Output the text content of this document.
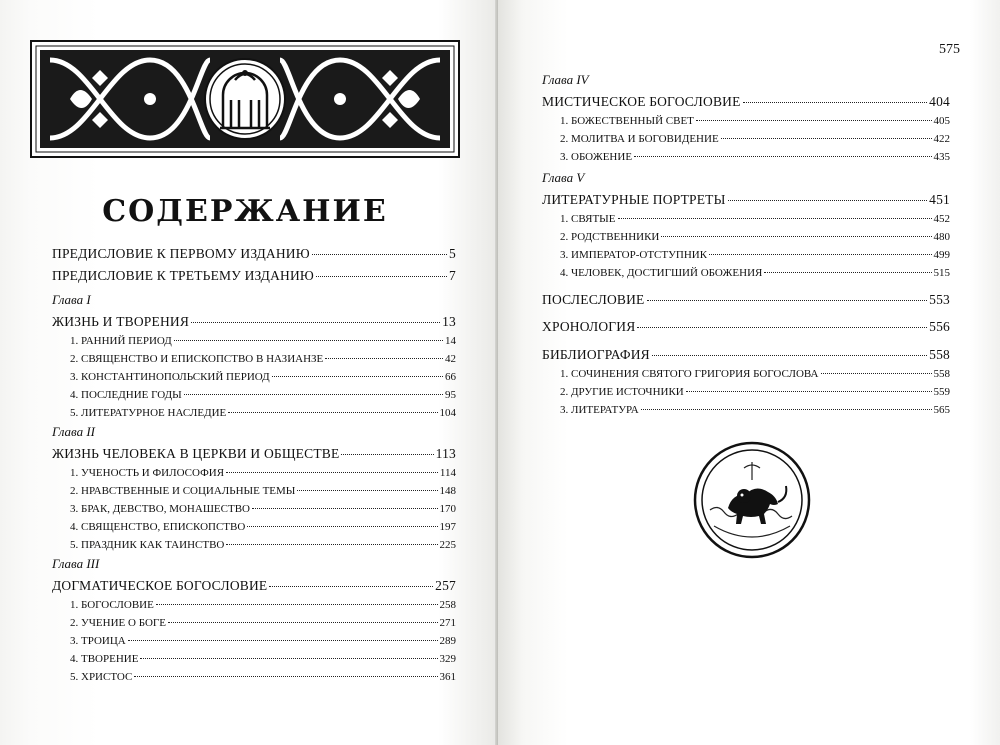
СОДЕРЖАНИЕ
ПРЕДИСЛОВИЕ К ПЕРВОМУ ИЗДАНИЮ	5
ПРЕДИСЛОВИЕ К ТРЕТЬЕМУ ИЗДАНИЮ	7
Глава I
ЖИЗНЬ И ТВОРЕНИЯ	13
1. РАННИЙ ПЕРИОД	14
2. СВЯЩЕНСТВО И ЕПИСКОПСТВО В НАЗИАНЗЕ	42
3. КОНСТАНТИНОПОЛЬСКИЙ ПЕРИОД	66
4. ПОСЛЕДНИЕ ГОДЫ	95
5. ЛИТЕРАТУРНОЕ НАСЛЕДИЕ	104
Глава II
ЖИЗНЬ ЧЕЛОВЕКА В ЦЕРКВИ И ОБЩЕСТВЕ	113
1. УЧЕНОСТЬ И ФИЛОСОФИЯ	114
2. НРАВСТВЕННЫЕ И СОЦИАЛЬНЫЕ ТЕМЫ	148
3. БРАК, ДЕВСТВО, МОНАШЕСТВО	170
4. СВЯЩЕНСТВО, ЕПИСКОПСТВО	197
5. ПРАЗДНИК КАК ТАИНСТВО	225
Глава III
ДОГМАТИЧЕСКОЕ БОГОСЛОВИЕ	257
1. БОГОСЛОВИЕ	258
2. УЧЕНИЕ О БОГЕ	271
3. ТРОИЦА	289
4. ТВОРЕНИЕ	329
5. ХРИСТОС	361
575
Глава IV
МИСТИЧЕСКОЕ БОГОСЛОВИЕ	404
1. БОЖЕСТВЕННЫЙ СВЕТ	405
2. МОЛИТВА И БОГОВИДЕНИЕ	422
3. ОБОЖЕНИЕ	435
Глава V
ЛИТЕРАТУРНЫЕ ПОРТРЕТЫ	451
1. СВЯТЫЕ	452
2. РОДСТВЕННИКИ	480
3. ИМПЕРАТОР-ОТСТУПНИК	499
4. ЧЕЛОВЕК, ДОСТИГШИЙ ОБОЖЕНИЯ	515
ПОСЛЕСЛОВИЕ	553
ХРОНОЛОГИЯ	556
БИБЛИОГРАФИЯ	558
1. СОЧИНЕНИЯ СВЯТОГО ГРИГОРИЯ БОГОСЛОВА	558
2. ДРУГИЕ ИСТОЧНИКИ	559
3. ЛИТЕРАТУРА	565
